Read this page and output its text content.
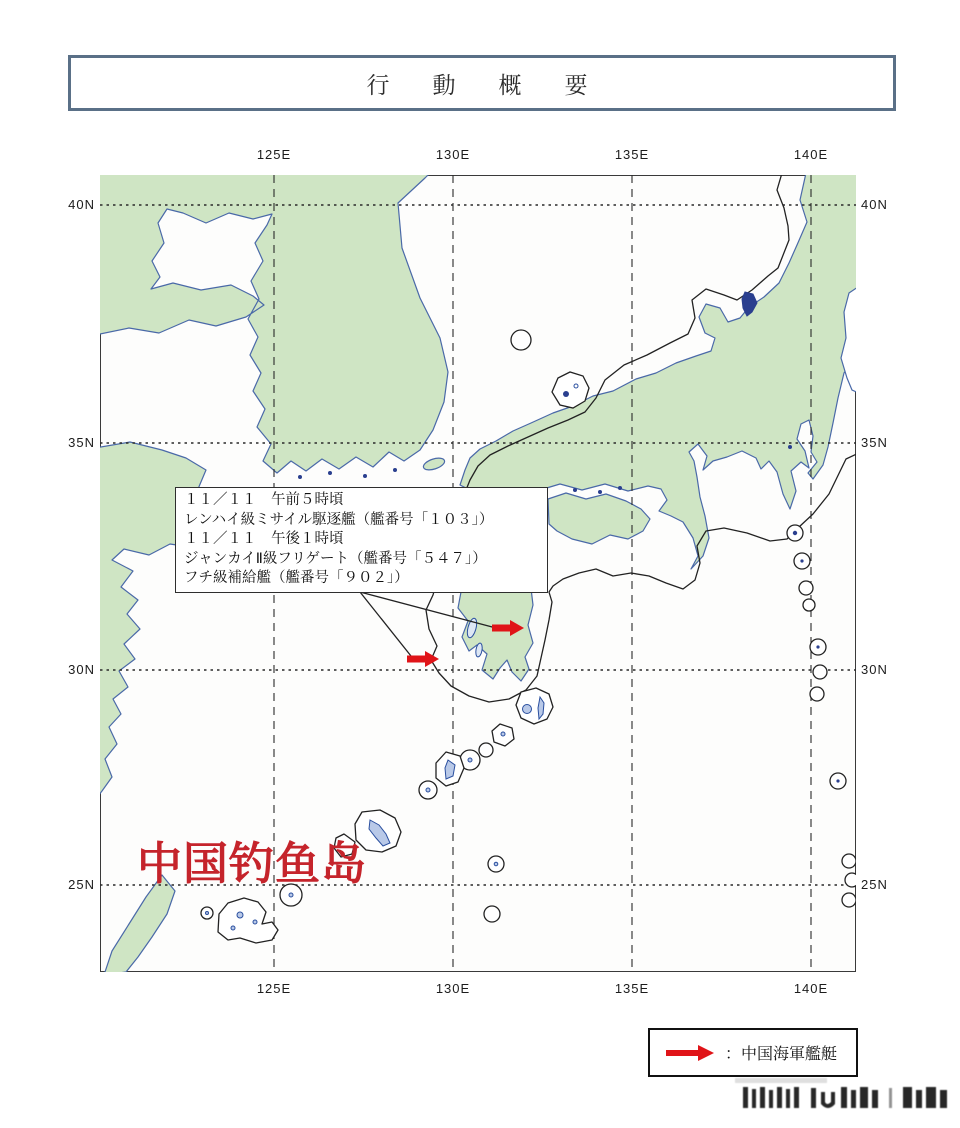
行　動　概　要
125E	130E	135E	140E
125E	130E	135E	140E
40N
35N
30N
25N
40N
35N
30N
25N
１１／１１　午前５時頃
レンハイ級ミサイル駆逐艦（艦番号「１０３」）
１１／１１　午後１時頃
ジャンカイⅡ級フリゲート（艦番号「５４７」）
フチ級補給艦（艦番号「９０２」）
中国钓鱼岛
：中国海軍艦艇
